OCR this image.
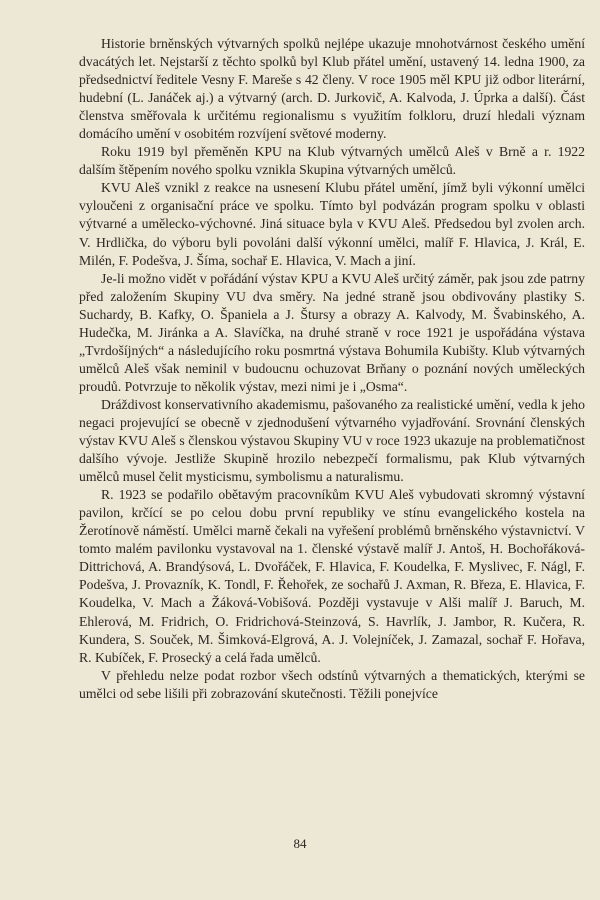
Historie brněnských výtvarných spolků nejlépe ukazuje mnohotvárnost českého umění dvacátých let. Nejstarší z těchto spolků byl Klub přátel umění, ustavený 14. ledna 1900, za předsednictví ředitele Vesny F. Mareše s 42 členy. V roce 1905 měl KPU již odbor literární, hudební (L. Janáček aj.) a výtvarný (arch. D. Jurkovič, A. Kalvoda, J. Úprka a další). Část členstva směřovala k určitému regionalismu s využitím folkloru, druzí hledali význam domácího umění v osobitém rozvíjení světové moderny.

Roku 1919 byl přeměněn KPU na Klub výtvarných umělců Aleš v Brně a r. 1922 dalším štěpením nového spolku vznikla Skupina výtvarných umělců.

KVU Aleš vznikl z reakce na usnesení Klubu přátel umění, jímž byli výkonní umělci vyloučeni z organisační práce ve spolku. Tímto byl podvázán program spolku v oblasti výtvarné a umělecko-výchovné. Jiná situace byla v KVU Aleš. Předsedou byl zvolen arch. V. Hrdlička, do výboru byli povoláni další výkonní umělci, malíř F. Hlavica, J. Král, E. Milén, F. Podešva, J. Šíma, sochař E. Hlavica, V. Mach a jiní.

Je-li možno vidět v pořádání výstav KPU a KVU Aleš určitý záměr, pak jsou zde patrny před založením Skupiny VU dva směry. Na jedné straně jsou obdivovány plastiky S. Suchardy, B. Kafky, O. Španiela a J. Štursy a obrazy A. Kalvody, M. Švabinského, A. Hudečka, M. Jiránka a A. Slavíčka, na druhé straně v roce 1921 je uspořádána výstava „Tvrdošíjných“ a následujícího roku posmrtná výstava Bohumila Kubišty. Klub výtvarných umělců Aleš však neminil v budoucnu ochuzovat Brňany o poznání nových uměleckých proudů. Potvrzuje to několik výstav, mezi nimi je i „Osma“.

Dráždivost konservativního akademismu, pašovaného za realistické umění, vedla k jeho negaci projevující se obecně v zjednodušení výtvarného vyjadřování. Srovnání členských výstav KVU Aleš s členskou výstavou Skupiny VU v roce 1923 ukazuje na problematičnost dalšího vývoje. Jestliže Skupině hrozilo nebezpečí formalismu, pak Klub výtvarných umělců musel čelit mysticismu, symbolismu a naturalismu.

R. 1923 se podařilo obětavým pracovníkům KVU Aleš vybudovati skromný výstavní pavilon, krčící se po celou dobu první republiky ve stínu evangelického kostela na Žerotínově náměstí. Umělci marně čekali na vyřešení problémů brněnského výstavnictví. V tomto malém pavilonku vystavoval na 1. členské výstavě malíř J. Antoš, H. Bochořáková-Dittrichová, A. Brandýsová, L. Dvořáček, F. Hlavica, F. Koudelka, F. Myslivec, F. Nágl, F. Podešva, J. Provazník, K. Tondl, F. Řehořek, ze sochařů J. Axman, R. Březa, E. Hlavica, F. Koudelka, V. Mach a Žáková-Vobišová. Později vystavuje v Alši malíř J. Baruch, M. Ehlerová, M. Fridrich, O. Fridrichová-Steinzová, S. Havrlík, J. Jambor, R. Kučera, R. Kundera, S. Souček, M. Šimková-Elgrová, A. J. Volejníček, J. Zamazal, sochař F. Hořava, R. Kubíček, F. Prosecký a celá řada umělců.

V přehledu nelze podat rozbor všech odstínů výtvarných a thematických, kterými se umělci od sebe lišili při zobrazování skutečnosti. Těžili ponejvíce

84
